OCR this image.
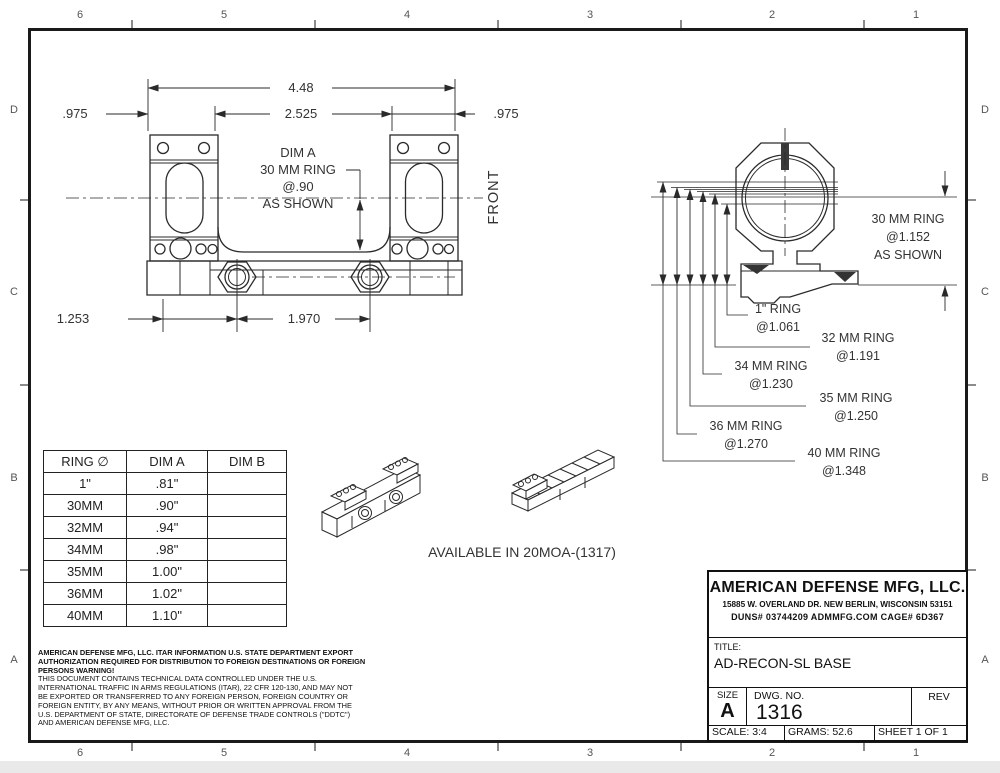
6	5	4	3	2	1
6	5	4	3	2	1
D
C
B
A
D
C
B
A
4.48
2.525
.975	.975
1.253	1.970
DIM A
30 MM RING
@.90
AS SHOWN	FRONT	30 MM RING
@1.152
AS SHOWN
1" RING
@1.061
32 MM RING
@1.191
34 MM RING
@1.230
35 MM RING
@1.250
36 MM RING
@1.270
40 MM RING
@1.348
RING ∅	DIM A	DIM B
1"	.81"	
30MM	.90"	
32MM	.94"	
34MM	.98"	
35MM	1.00"	
36MM	1.02"	
40MM	1.10"	
AVAILABLE IN 20MOA-(1317)
AMERICAN DEFENSE MFG, LLC. ITAR INFORMATION U.S. STATE DEPARTMENT EXPORT
AUTHORIZATION REQUIRED FOR DISTRIBUTION TO FOREIGN DESTINATIONS OR FOREIGN
PERSONS WARNING!
THIS DOCUMENT CONTAINS TECHNICAL DATA CONTROLLED UNDER THE U.S.
INTERNATIONAL TRAFFIC IN ARMS REGULATIONS (ITAR), 22 CFR 120-130, AND MAY NOT
BE EXPORTED OR TRANSFERRED TO ANY FOREIGN PERSON, FOREIGN COUNTRY OR
FOREIGN ENTITY, BY ANY MEANS, WITHOUT PRIOR OR WRITTEN APPROVAL FROM THE
U.S. DEPARTMENT OF STATE, DIRECTORATE OF DEFENSE TRADE CONTROLS ("DDTC")
AND AMERICAN DEFENSE MFG, LLC.
AMERICAN DEFENSE MFG, LLC.
15885 W. OVERLAND DR. NEW BERLIN, WISCONSIN 53151
DUNS# 03744209 ADMMFG.COM CAGE# 6D367
TITLE:
AD-RECON-SL BASE
SIZE
A
DWG. NO.
1316
REV
SCALE: 3:4	GRAMS: 52.6	SHEET 1 OF 1
